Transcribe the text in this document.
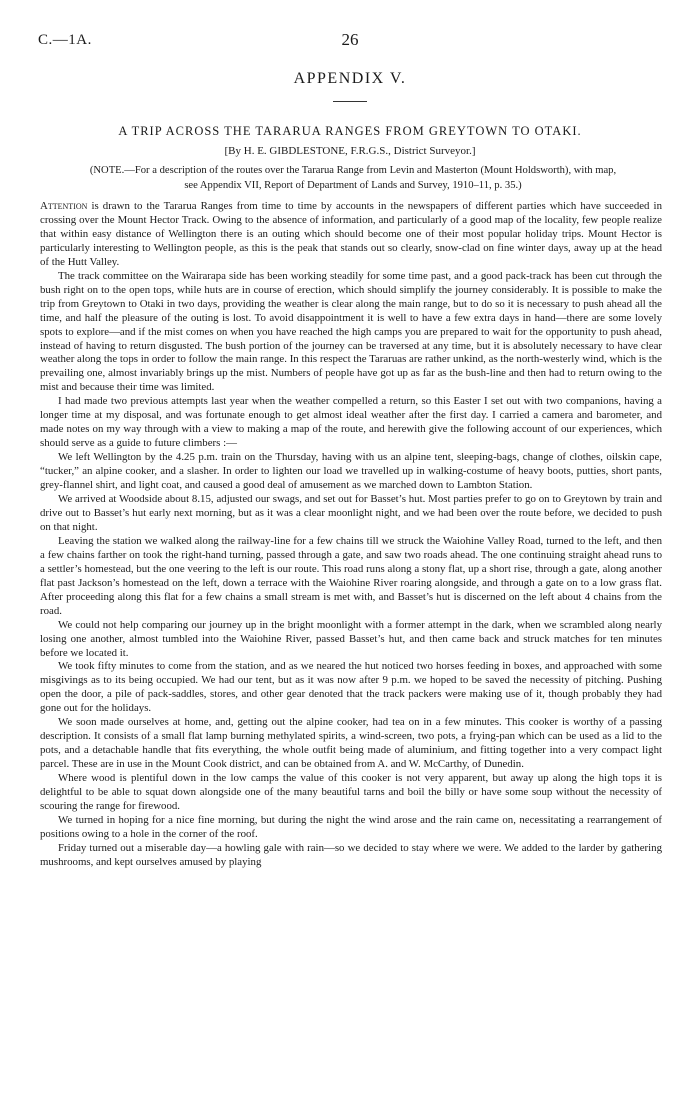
C.—1A.	26
APPENDIX V.
A TRIP ACROSS THE TARARUA RANGES FROM GREYTOWN TO OTAKI.
[By H. E. GIBDLESTONE, F.R.G.S., District Surveyor.]
(NOTE.—For a description of the routes over the Tararua Range from Levin and Masterton (Mount Holdsworth), with map, see Appendix VII, Report of Department of Lands and Survey, 1910–11, p. 35.)

Attention is drawn to the Tararua Ranges from time to time by accounts in the newspapers of different parties which have succeeded in crossing over the Mount Hector Track. Owing to the absence of information, and particularly of a good map of the locality, few people realize that within easy distance of Wellington there is an outing which should become one of their most popular holiday trips. Mount Hector is particularly interesting to Wellington people, as this is the peak that stands out so clearly, snow-clad on fine winter days, away up at the head of the Hutt Valley.

The track committee on the Wairarapa side has been working steadily for some time past, and a good pack-track has been cut through the bush right on to the open tops, while huts are in course of erection, which should simplify the journey considerably. It is possible to make the trip from Greytown to Otaki in two days, providing the weather is clear along the main range, but to do so it is necessary to push ahead all the time, and half the pleasure of the outing is lost. To avoid disappointment it is well to have a few extra days in hand—there are some lovely spots to explore—and if the mist comes on when you have reached the high camps you are prepared to wait for the opportunity to push ahead, instead of having to return disgusted. The bush portion of the journey can be traversed at any time, but it is absolutely necessary to have clear weather along the tops in order to follow the main range. In this respect the Tararuas are rather unkind, as the north-westerly wind, which is the prevailing one, almost invariably brings up the mist. Numbers of people have got up as far as the bush-line and then had to return owing to the mist and because their time was limited.

I had made two previous attempts last year when the weather compelled a return, so this Easter I set out with two companions, having a longer time at my disposal, and was fortunate enough to get almost ideal weather after the first day. I carried a camera and barometer, and made notes on my way through with a view to making a map of the route, and herewith give the following account of our experiences, which should serve as a guide to future climbers :—

We left Wellington by the 4.25 p.m. train on the Thursday, having with us an alpine tent, sleeping-bags, change of clothes, oilskin cape, “tucker,” an alpine cooker, and a slasher. In order to lighten our load we travelled up in walking-costume of heavy boots, putties, short pants, grey-flannel shirt, and light coat, and caused a good deal of amusement as we marched down to Lambton Station.

We arrived at Woodside about 8.15, adjusted our swags, and set out for Basset’s hut. Most parties prefer to go on to Greytown by train and drive out to Basset’s hut early next morning, but as it was a clear moonlight night, and we had been over the route before, we decided to push on that night.

Leaving the station we walked along the railway-line for a few chains till we struck the Waiohine Valley Road, turned to the left, and then a few chains farther on took the right-hand turning, passed through a gate, and saw two roads ahead. The one continuing straight ahead runs to a settler’s homestead, but the one veering to the left is our route. This road runs along a stony flat, up a short rise, through a gate, along another flat past Jackson’s homestead on the left, down a terrace with the Waiohine River roaring alongside, and through a gate on to a low grass flat. After proceeding along this flat for a few chains a small stream is met with, and Basset’s hut is discerned on the left about 4 chains from the road.

We could not help comparing our journey up in the bright moonlight with a former attempt in the dark, when we scrambled along nearly losing one another, almost tumbled into the Waiohine River, passed Basset’s hut, and then came back and struck matches for ten minutes before we located it.

We took fifty minutes to come from the station, and as we neared the hut noticed two horses feeding in boxes, and approached with some misgivings as to its being occupied. We had our tent, but as it was now after 9 p.m. we hoped to be saved the necessity of pitching. Pushing open the door, a pile of pack-saddles, stores, and other gear denoted that the track packers were making use of it, though probably they had gone out for the holidays.

We soon made ourselves at home, and, getting out the alpine cooker, had tea on in a few minutes. This cooker is worthy of a passing description. It consists of a small flat lamp burning methylated spirits, a wind-screen, two pots, a frying-pan which can be used as a lid to the pots, and a detachable handle that fits everything, the whole outfit being made of aluminium, and fitting together into a very compact light parcel. These are in use in the Mount Cook district, and can be obtained from A. and W. McCarthy, of Dunedin.

Where wood is plentiful down in the low camps the value of this cooker is not very apparent, but away up along the high tops it is delightful to be able to squat down alongside one of the many beautiful tarns and boil the billy or have some soup without the necessity of scouring the range for firewood.

We turned in hoping for a nice fine morning, but during the night the wind arose and the rain came on, necessitating a rearrangement of positions owing to a hole in the corner of the roof.

Friday turned out a miserable day—a howling gale with rain—so we decided to stay where we were. We added to the larder by gathering mushrooms, and kept ourselves amused by playing
